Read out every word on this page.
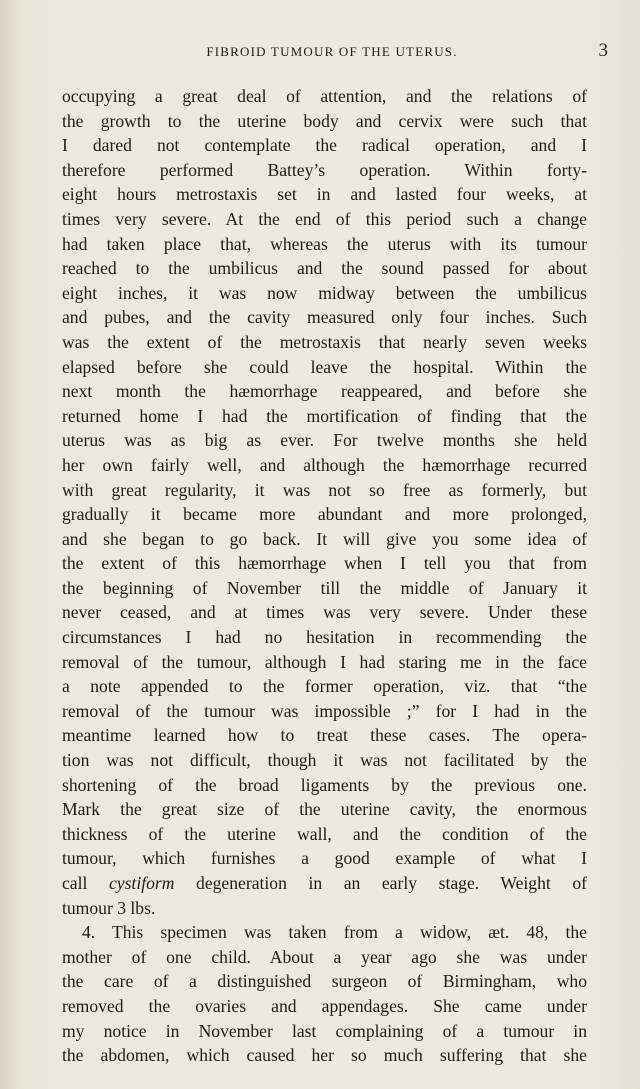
FIBROID TUMOUR OF THE UTERUS.	3
occupying a great deal of attention, and the relations of
the growth to the uterine body and cervix were such that
I dared not contemplate the radical operation, and I
therefore performed Battey’s operation. Within forty-
eight hours metrostaxis set in and lasted four weeks, at
times very severe. At the end of this period such a change
had taken place that, whereas the uterus with its tumour
reached to the umbilicus and the sound passed for about
eight inches, it was now midway between the umbilicus
and pubes, and the cavity measured only four inches. Such
was the extent of the metrostaxis that nearly seven weeks
elapsed before she could leave the hospital. Within the
next month the hæmorrhage reappeared, and before she
returned home I had the mortification of finding that the
uterus was as big as ever. For twelve months she held
her own fairly well, and although the hæmorrhage recurred
with great regularity, it was not so free as formerly, but
gradually it became more abundant and more prolonged,
and she began to go back. It will give you some idea of
the extent of this hæmorrhage when I tell you that from
the beginning of November till the middle of January it
never ceased, and at times was very severe. Under these
circumstances I had no hesitation in recommending the
removal of the tumour, although I had staring me in the face
a note appended to the former operation, viz. that “the
removal of the tumour was impossible ;” for I had in the
meantime learned how to treat these cases. The opera-
tion was not difficult, though it was not facilitated by the
shortening of the broad ligaments by the previous one.
Mark the great size of the uterine cavity, the enormous
thickness of the uterine wall, and the condition of the
tumour, which furnishes a good example of what I
call cystiform degeneration in an early stage. Weight of
tumour 3 lbs.
4. This specimen was taken from a widow, æt. 48, the
mother of one child. About a year ago she was under
the care of a distinguished surgeon of Birmingham, who
removed the ovaries and appendages. She came under
my notice in November last complaining of a tumour in
the abdomen, which caused her so much suffering that she
